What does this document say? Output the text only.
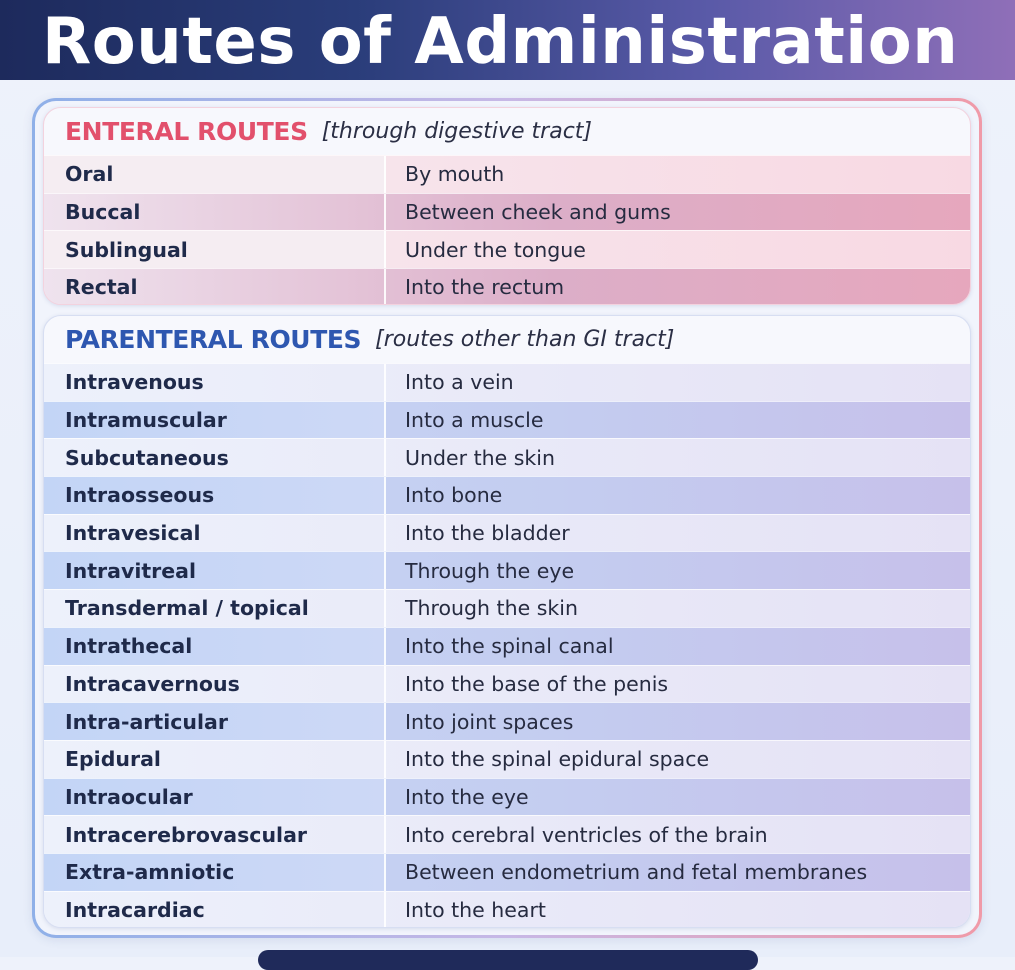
Routes of Administration
ENTERAL ROUTES [through digestive tract]
Oral	By mouth
Buccal	Between cheek and gums
Sublingual	Under the tongue
Rectal	Into the rectum
PARENTERAL ROUTES [routes other than GI tract]
Intravenous	Into a vein
Intramuscular	Into a muscle
Subcutaneous	Under the skin
Intraosseous	Into bone
Intravesical	Into the bladder
Intravitreal	Through the eye
Transdermal / topical	Through the skin
Intrathecal	Into the spinal canal
Intracavernous	Into the base of the penis
Intra-articular	Into joint spaces
Epidural	Into the spinal epidural space
Intraocular	Into the eye
Intracerebrovascular	Into cerebral ventricles of the brain
Extra-amniotic	Between endometrium and fetal membranes
Intracardiac	Into the heart
